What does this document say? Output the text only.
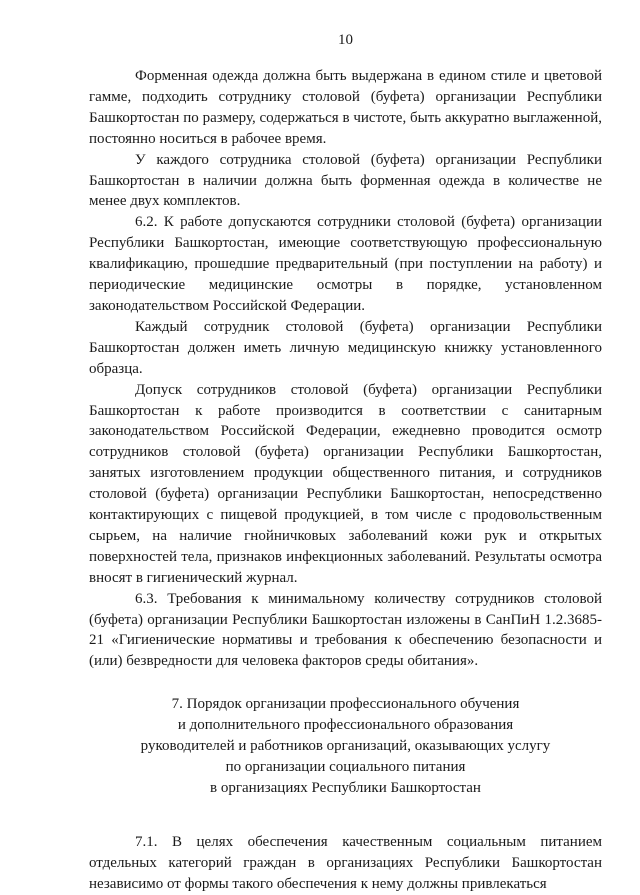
10

Форменная одежда должна быть выдержана в едином стиле и цветовой гамме, подходить сотруднику столовой (буфета) организации Республики Башкортостан по размеру, содержаться в чистоте, быть аккуратно выглаженной, постоянно носиться в рабочее время.

У каждого сотрудника столовой (буфета) организации Республики Башкортостан в наличии должна быть форменная одежда в количестве не менее двух комплектов.

6.2. К работе допускаются сотрудники столовой (буфета) организации Республики Башкортостан, имеющие соответствующую профессиональную квалификацию, прошедшие предварительный (при поступлении на работу) и периодические медицинские осмотры в порядке, установленном законодательством Российской Федерации.

Каждый сотрудник столовой (буфета) организации Республики Башкортостан должен иметь личную медицинскую книжку установленного образца.

Допуск сотрудников столовой (буфета) организации Республики Башкортостан к работе производится в соответствии с санитарным законодательством Российской Федерации, ежедневно проводится осмотр сотрудников столовой (буфета) организации Республики Башкортостан, занятых изготовлением продукции общественного питания, и сотрудников столовой (буфета) организации Республики Башкортостан, непосредственно контактирующих с пищевой продукцией, в том числе с продовольственным сырьем, на наличие гнойничковых заболеваний кожи рук и открытых поверхностей тела, признаков инфекционных заболеваний. Результаты осмотра вносят в гигиенический журнал.

6.3. Требования к минимальному количеству сотрудников столовой (буфета) организации Республики Башкортостан изложены в СанПиН 1.2.3685-21 «Гигиенические нормативы и требования к обеспечению безопасности и (или) безвредности для человека факторов среды обитания».

7. Порядок организации профессионального обучения
и дополнительного профессионального образования
руководителей и работников организаций, оказывающих услугу
по организации социального питания
в организациях Республики Башкортостан

7.1. В целях обеспечения качественным социальным питанием отдельных категорий граждан в организациях Республики Башкортостан независимо от формы такого обеспечения к нему должны привлекаться
